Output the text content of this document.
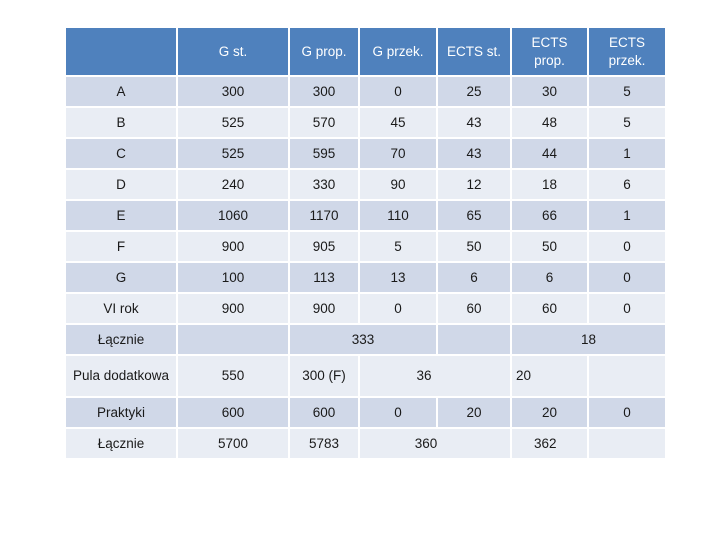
	G st.	G prop.	G przek.	ECTS st.	ECTS prop.	ECTS przek.
A	300	300	0	25	30	5
B	525	570	45	43	48	5
C	525	595	70	43	44	1
D	240	330	90	12	18	6
E	1060	1170	110	65	66	1
F	900	905	5	50	50	0
G	100	113	13	6	6	0
VI rok	900	900	0	60	60	0
Łącznie		333			18	
Pula dodatkowa	550	300 (F)	36		20	
Praktyki	600	600	0	20	20	0
Łącznie	5700	5783	360		362	
